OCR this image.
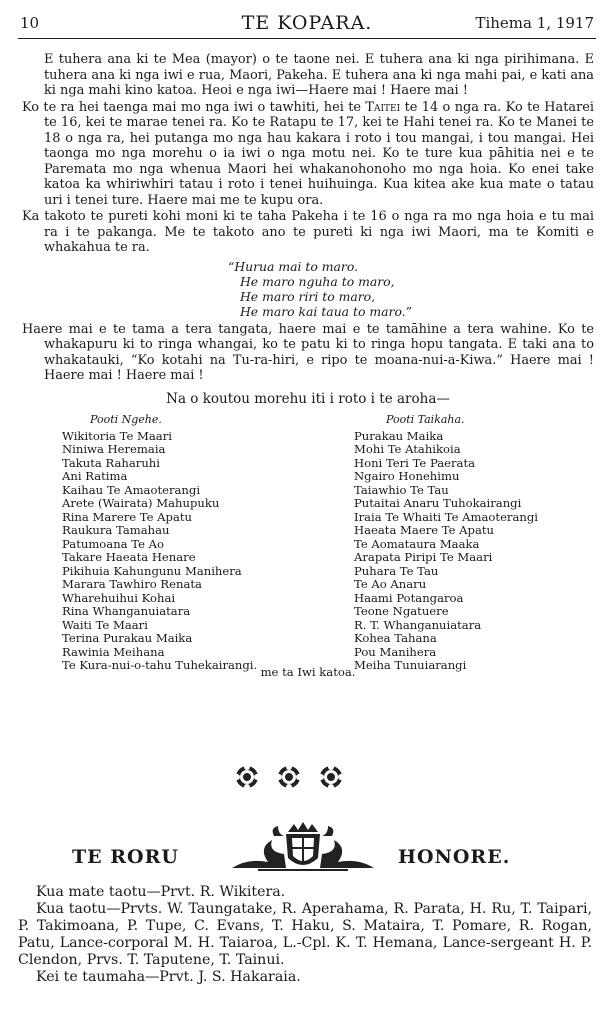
10	TE KOPARA.	Tihema 1, 1917

E tuhera ana ki te Mea (mayor) o te taone nei. E tuhera ana ki nga pirihimana. E tuhera ana ki nga iwi e rua, Maori, Pakeha. E tuhera ana ki nga mahi pai, e kati ana ki nga mahi kino katoa. Heoi e nga iwi—Haere mai ! Haere mai !

Ko te ra hei taenga mai mo nga iwi o tawhiti, hei te Taitei te 14 o nga ra. Ko te Hatarei te 16, kei te marae tenei ra. Ko te Ratapu te 17, kei te Hahi tenei ra. Ko te Manei te 18 o nga ra, hei putanga mo nga hau kakara i roto i tou mangai, i tou mangai. Hei taonga mo nga morehu o ia iwi o nga motu nei. Ko te ture kua pāhitia nei e te Paremata mo nga whenua Maori hei whakanohonoho mo nga hoia. Ko enei take katoa ka whiriwhiri tatau i roto i tenei huihuinga. Kua kitea ake kua mate o tatau uri i tenei ture. Haere mai me te kupu ora.

Ka takoto te pureti kohi moni ki te taha Pakeha i te 16 o nga ra mo nga hoia e tu mai ra i te pakanga. Me te takoto ano te pureti ki nga iwi Maori, ma te Komiti e whakahua te ra.

“Hurua mai to maro.
He maro nguha to maro,
He maro riri to maro,
He maro kai taua to maro.”

Haere mai e te tama a tera tangata, haere mai e te tamāhine a tera wahine. Ko te whakapuru ki to ringa whangai, ko te patu ki to ringa hopu tangata. E taki ana to whakatauki, “Ko kotahi na Tu-ra-hiri, e ripo te moana-nui-a-Kiwa.” Haere mai ! Haere mai ! Haere mai !

Na o koutou morehu iti i roto i te aroha—
Pooti Ngehe.
Wikitoria Te Maari
Niniwa Heremaia
Takuta Raharuhi
Ani Ratima
Kaihau Te Amaoterangi
Arete (Wairata) Mahupuku
Rina Marere Te Apatu
Raukura Tamahau
Patumoana Te Ao
Takare Haeata Henare
Pikihuia Kahungunu Manihera
Marara Tawhiro Renata
Wharehuihui Kohai
Rina Whanganuiatara
Waiti Te Maari
Terina Purakau Maika
Rawinia Meihana
Te Kura-nui-o-tahu Tuhekairangi.
Pooti Taikaha.
Purakau Maika
Mohi Te Atahikoia
Honi Teri Te Paerata
Ngairo Honehimu
Taiawhio Te Tau
Putaitai Anaru Tuhokairangi
Iraia Te Whaiti Te Amaoterangi
Haeata Maere Te Apatu
Te Aomataura Maaka
Arapata Piripi Te Maari
Puhara Te Tau
Te Ao Anaru
Haami Potangaroa
Teone Ngatuere
R. T. Whanganuiatara
Kohea Tahana
Pou Manihera
Meiha Tunuiarangi
me ta Iwi katoa.

TE RORU	HONORE.

Kua mate taotu—Prvt. R. Wikitera.

Kua taotu—Prvts. W. Taungatake, R. Aperahama, R. Parata, H. Ru, T. Taipari, P. Takimoana, P. Tupe, C. Evans, T. Haku, S. Mataira, T. Pomare, R. Rogan, Patu, Lance-corporal M. H. Taiaroa, L.-Cpl. K. T. Hemana, Lance-sergeant H. P. Clendon, Prvs. T. Taputene, T. Tainui.

Kei te taumaha—Prvt. J. S. Hakaraia.
